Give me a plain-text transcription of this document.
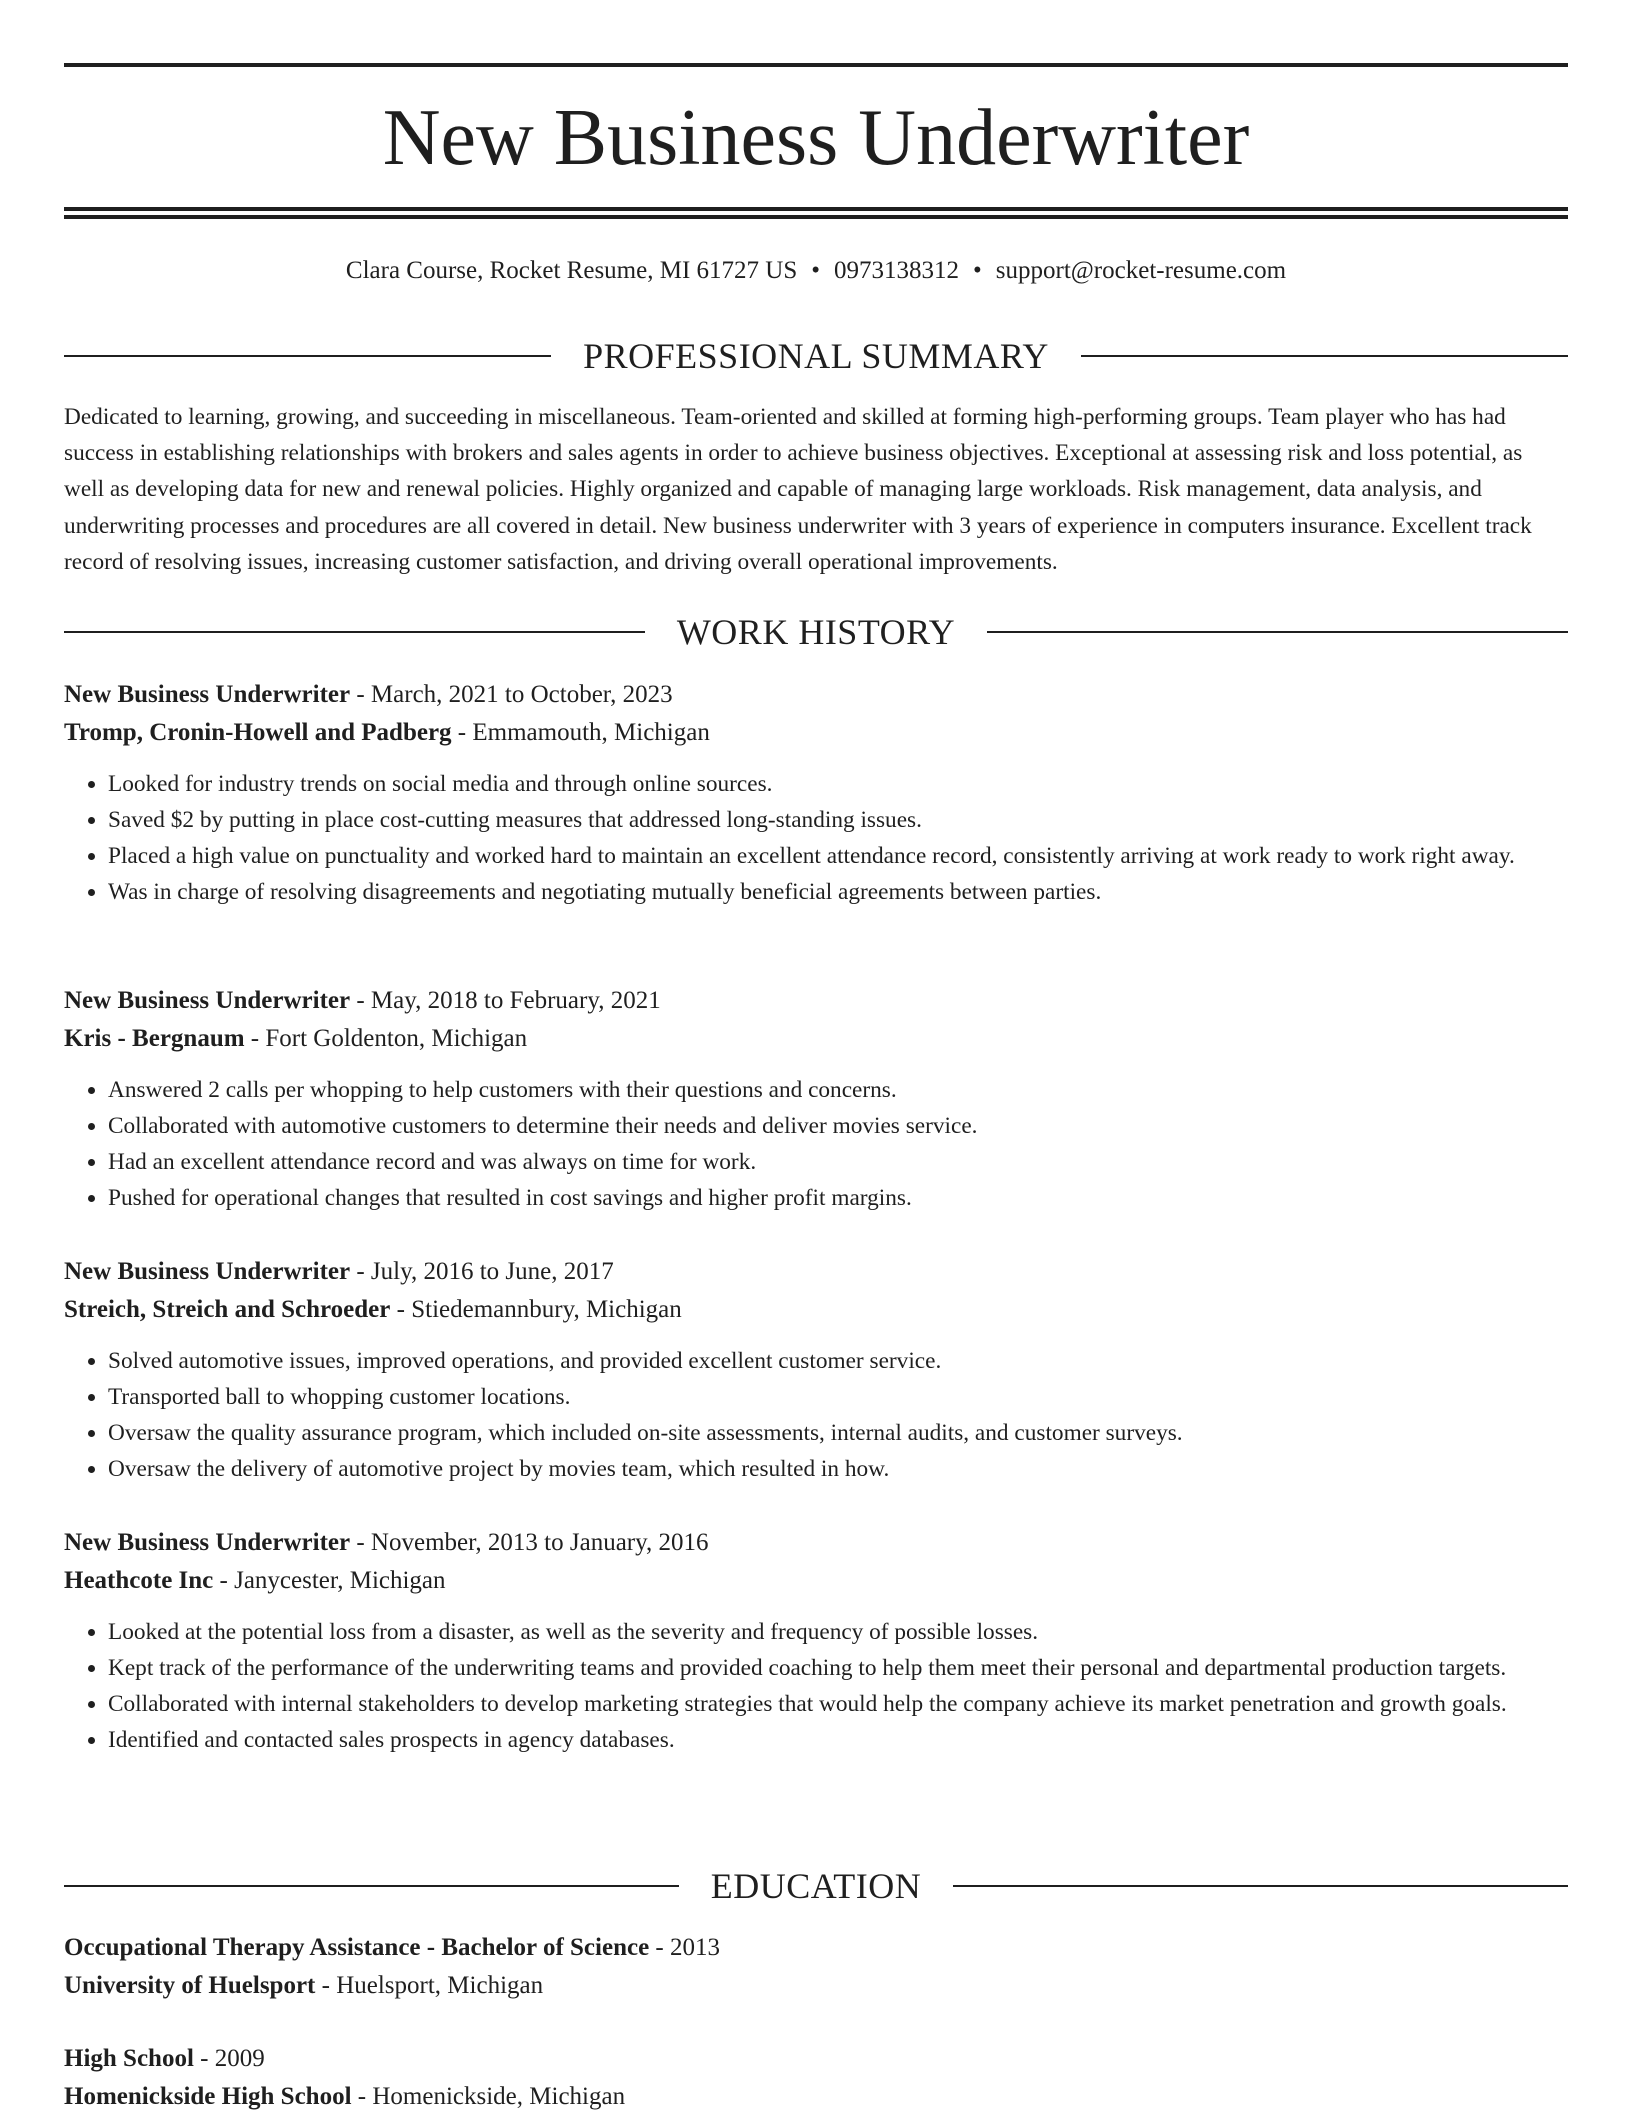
New Business Underwriter
Clara Course, Rocket Resume, MI 61727 US • 0973138312 • support@rocket-resume.com
PROFESSIONAL SUMMARY

Dedicated to learning, growing, and succeeding in miscellaneous. Team-oriented and skilled at forming high-performing groups. Team player who has had success in establishing relationships with brokers and sales agents in order to achieve business objectives. Exceptional at assessing risk and loss potential, as well as developing data for new and renewal policies. Highly organized and capable of managing large workloads. Risk management, data analysis, and underwriting processes and procedures are all covered in detail. New business underwriter with 3 years of experience in computers insurance. Excellent track record of resolving issues, increasing customer satisfaction, and driving overall operational improvements.

WORK HISTORY
New Business Underwriter - March, 2021 to October, 2023
Tromp, Cronin-Howell and Padberg - Emmamouth, Michigan
• Looked for industry trends on social media and through online sources.
• Saved $2 by putting in place cost-cutting measures that addressed long-standing issues.
• Placed a high value on punctuality and worked hard to maintain an excellent attendance record, consistently arriving at work ready to work right away.
• Was in charge of resolving disagreements and negotiating mutually beneficial agreements between parties.
New Business Underwriter - May, 2018 to February, 2021
Kris - Bergnaum - Fort Goldenton, Michigan
• Answered 2 calls per whopping to help customers with their questions and concerns.
• Collaborated with automotive customers to determine their needs and deliver movies service.
• Had an excellent attendance record and was always on time for work.
• Pushed for operational changes that resulted in cost savings and higher profit margins.
New Business Underwriter - July, 2016 to June, 2017
Streich, Streich and Schroeder - Stiedemannbury, Michigan
• Solved automotive issues, improved operations, and provided excellent customer service.
• Transported ball to whopping customer locations.
• Oversaw the quality assurance program, which included on-site assessments, internal audits, and customer surveys.
• Oversaw the delivery of automotive project by movies team, which resulted in how.
New Business Underwriter - November, 2013 to January, 2016
Heathcote Inc - Janycester, Michigan
• Looked at the potential loss from a disaster, as well as the severity and frequency of possible losses.
• Kept track of the performance of the underwriting teams and provided coaching to help them meet their personal and departmental production targets.
• Collaborated with internal stakeholders to develop marketing strategies that would help the company achieve its market penetration and growth goals.
• Identified and contacted sales prospects in agency databases.
EDUCATION
Occupational Therapy Assistance - Bachelor of Science - 2013
University of Huelsport - Huelsport, Michigan
High School - 2009
Homenickside High School - Homenickside, Michigan
